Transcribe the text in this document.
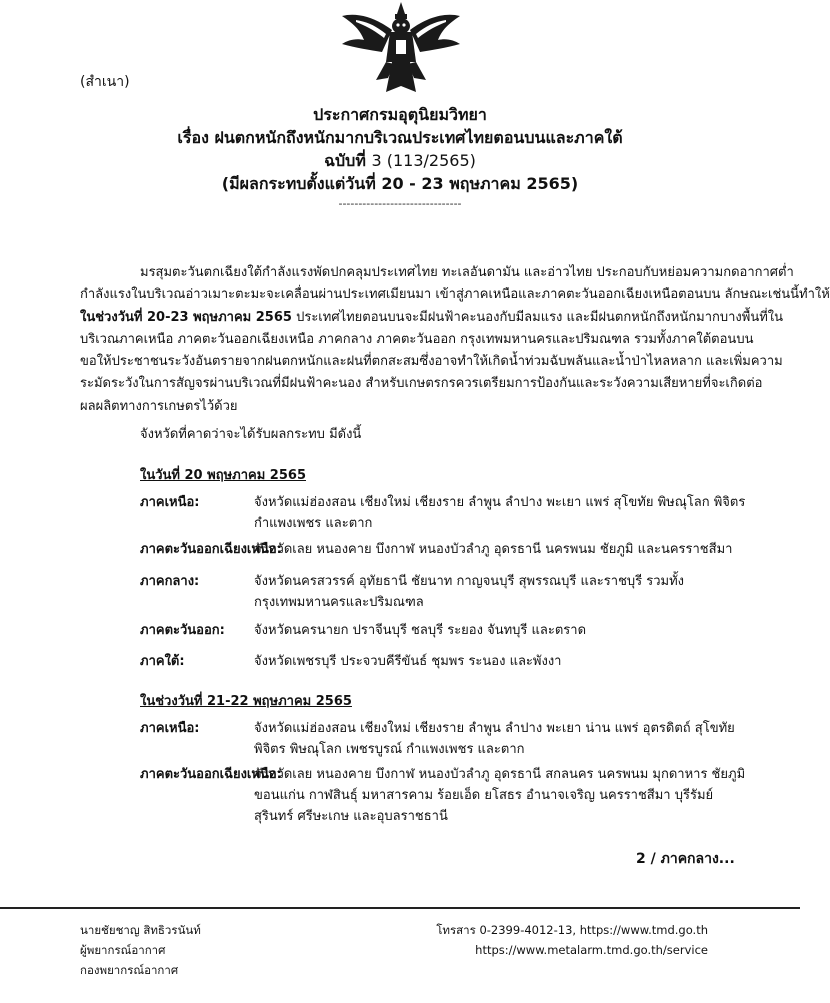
(สำเนา)
ประกาศกรมอุตุนิยมวิทยา
เรื่อง ฝนตกหนักถึงหนักมากบริเวณประเทศไทยตอนบนและภาคใต้
ฉบับที่ 3 (113/2565)
(มีผลกระทบตั้งแต่วันที่ 20 - 23 พฤษภาคม 2565)
-------------------------------
มรสุมตะวันตกเฉียงใต้กำลังแรงพัดปกคลุมประเทศไทย ทะเลอันดามัน และอ่าวไทย ประกอบกับหย่อมความกดอากาศต่ำ
กำลังแรงในบริเวณอ่าวเมาะตะมะจะเคลื่อนผ่านประเทศเมียนมา เข้าสู่ภาคเหนือและภาคตะวันออกเฉียงเหนือตอนบน ลักษณะเช่นนี้ทำให้
ในช่วงวันที่ 20-23 พฤษภาคม 2565 ประเทศไทยตอนบนจะมีฝนฟ้าคะนองกับมีลมแรง และมีฝนตกหนักถึงหนักมากบางพื้นที่ใน
บริเวณภาคเหนือ ภาคตะวันออกเฉียงเหนือ ภาคกลาง ภาคตะวันออก กรุงเทพมหานครและปริมณฑล รวมทั้งภาคใต้ตอนบน
ขอให้ประชาชนระวังอันตรายจากฝนตกหนักและฝนที่ตกสะสมซึ่งอาจทำให้เกิดน้ำท่วมฉับพลันและน้ำป่าไหลหลาก และเพิ่มความ
ระมัดระวังในการสัญจรผ่านบริเวณที่มีฝนฟ้าคะนอง สำหรับเกษตรกรควรเตรียมการป้องกันและระวังความเสียหายที่จะเกิดต่อ
ผลผลิตทางการเกษตรไว้ด้วย
จังหวัดที่คาดว่าจะได้รับผลกระทบ มีดังนี้
ในวันที่ 20 พฤษภาคม 2565
ภาคเหนือ:	จังหวัดแม่ฮ่องสอน เชียงใหม่ เชียงราย ลำพูน ลำปาง พะเยา แพร่ สุโขทัย พิษณุโลก พิจิตร
กำแพงเพชร และตาก
ภาคตะวันออกเฉียงเหนือ:
จังหวัดเลย หนองคาย บึงกาฬ หนองบัวลำภู อุดรธานี นครพนม ชัยภูมิ และนครราชสีมา
ภาคกลาง:	จังหวัดนครสวรรค์ อุทัยธานี ชัยนาท กาญจนบุรี สุพรรณบุรี และราชบุรี รวมทั้ง
กรุงเทพมหานครและปริมณฑล
ภาคตะวันออก: จังหวัดนครนายก ปราจีนบุรี ชลบุรี ระยอง จันทบุรี และตราด
ภาคใต้:	จังหวัดเพชรบุรี ประจวบคีรีขันธ์ ชุมพร ระนอง และพังงา
ในช่วงวันที่ 21-22 พฤษภาคม 2565
ภาคเหนือ:	จังหวัดแม่ฮ่องสอน เชียงใหม่ เชียงราย ลำพูน ลำปาง พะเยา น่าน แพร่ อุตรดิตถ์ สุโขทัย
พิจิตร พิษณุโลก เพชรบูรณ์ กำแพงเพชร และตาก
ภาคตะวันออกเฉียงเหนือ:
จังหวัดเลย หนองคาย บึงกาฬ หนองบัวลำภู อุดรธานี สกลนคร นครพนม มุกดาหาร ชัยภูมิ
ขอนแก่น กาฬสินธุ์ มหาสารคาม ร้อยเอ็ด ยโสธร อำนาจเจริญ นครราชสีมา บุรีรัมย์
สุรินทร์ ศรีษะเกษ และอุบลราชธานี
2 / ภาคกลาง...
นายชัยชาญ สิทธิวรนันท์
ผู้พยากรณ์อากาศ
กองพยากรณ์อากาศ
โทรสาร 0-2399-4012-13, https://www.tmd.go.th
https://www.metalarm.tmd.go.th/service
